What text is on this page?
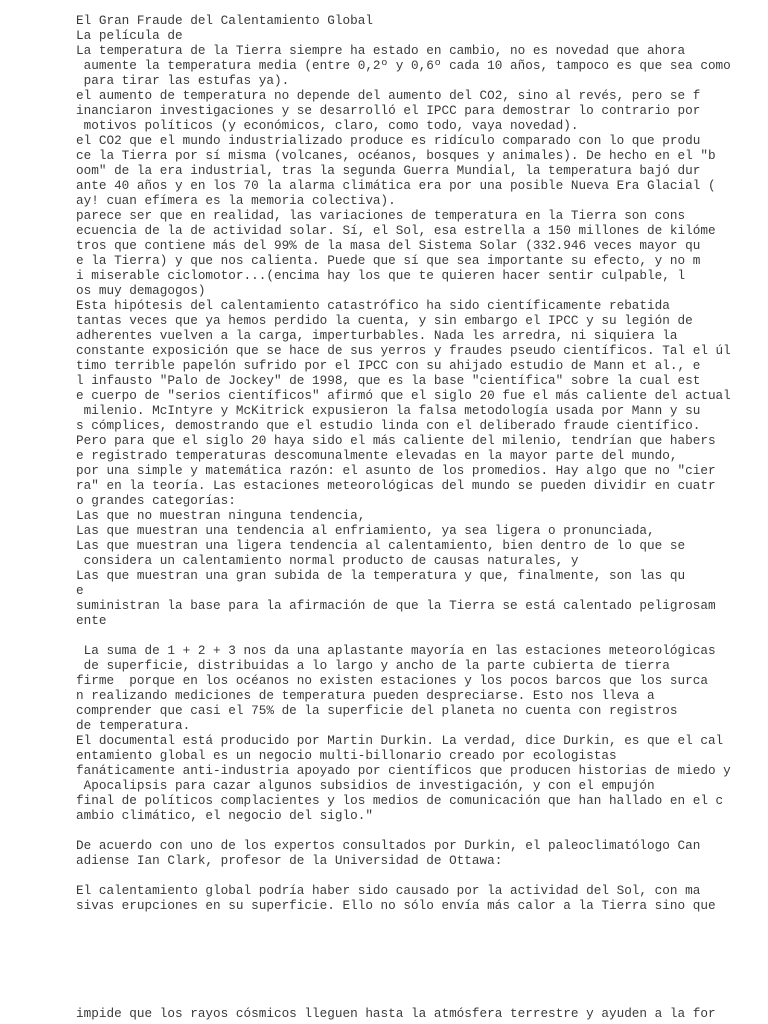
El Gran Fraude del Calentamiento Global
La película de
La temperatura de la Tierra siempre ha estado en cambio, no es novedad que ahora
aumente la temperatura media (entre 0,2º y 0,6º cada 10 años, tampoco es que sea como
para tirar las estufas ya).
el aumento de temperatura no depende del aumento del CO2, sino al revés, pero se f
inanciaron investigaciones y se desarrolló el IPCC para demostrar lo contrario por
motivos políticos (y económicos, claro, como todo, vaya novedad).
el CO2 que el mundo industrializado produce es ridículo comparado con lo que produ
ce la Tierra por sí misma (volcanes, océanos, bosques y animales). De hecho en el "b
oom" de la era industrial, tras la segunda Guerra Mundial, la temperatura bajó dur
ante 40 años y en los 70 la alarma climática era por una posible Nueva Era Glacial (
ay! cuan efímera es la memoria colectiva).
parece ser que en realidad, las variaciones de temperatura en la Tierra son cons
ecuencia de la de actividad solar. Sí, el Sol, esa estrella a 150 millones de kilóme
tros que contiene más del 99% de la masa del Sistema Solar (332.946 veces mayor qu
e la Tierra) y que nos calienta. Puede que sí que sea importante su efecto, y no m
i miserable ciclomotor...(encima hay los que te quieren hacer sentir culpable, l
os muy demagogos)
Esta hipótesis del calentamiento catastrófico ha sido científicamente rebatida
tantas veces que ya hemos perdido la cuenta, y sin embargo el IPCC y su legión de
adherentes vuelven a la carga, imperturbables. Nada les arredra, ni siquiera la
constante exposición que se hace de sus yerros y fraudes pseudo científicos. Tal el úl
timo terrible papelón sufrido por el IPCC con su ahijado estudio de Mann et al., e
l infausto "Palo de Jockey" de 1998, que es la base "científica" sobre la cual est
e cuerpo de "serios científicos" afirmó que el siglo 20 fue el más caliente del actual
milenio. McIntyre y McKitrick expusieron la falsa metodología usada por Mann y su
s cómplices, demostrando que el estudio linda con el deliberado fraude científico.
Pero para que el siglo 20 haya sido el más caliente del milenio, tendrían que habers
e registrado temperaturas descomunalmente elevadas en la mayor parte del mundo,
por una simple y matemática razón: el asunto de los promedios. Hay algo que no "cier
ra" en la teoría. Las estaciones meteorológicas del mundo se pueden dividir en cuatr
o grandes categorías:
Las que no muestran ninguna tendencia,
Las que muestran una tendencia al enfriamiento, ya sea ligera o pronunciada,
Las que muestran una ligera tendencia al calentamiento, bien dentro de lo que se
considera un calentamiento normal producto de causas naturales, y
Las que muestran una gran subida de la temperatura y que, finalmente, son las qu
e
suministran la base para la afirmación de que la Tierra se está calentado peligrosam
ente
La suma de 1 + 2 + 3 nos da una aplastante mayoría en las estaciones meteorológicas
de superficie, distribuidas a lo largo y ancho de la parte cubierta de tierra
firme  porque en los océanos no existen estaciones y los pocos barcos que los surca
n realizando mediciones de temperatura pueden despreciarse. Esto nos lleva a
comprender que casi el 75% de la superficie del planeta no cuenta con registros
de temperatura.
El documental está producido por Martin Durkin. La verdad, dice Durkin, es que el cal
entamiento global es un negocio multi-billonario creado por ecologistas
fanáticamente anti-industria apoyado por científicos que producen historias de miedo y
Apocalipsis para cazar algunos subsidios de investigación, y con el empujón
final de políticos complacientes y los medios de comunicación que han hallado en el c
ambio climático, el negocio del siglo."
De acuerdo con uno de los expertos consultados por Durkin, el paleoclimatólogo Can
adiense Ian Clark, profesor de la Universidad de Ottawa:
El calentamiento global podría haber sido causado por la actividad del Sol, con ma
sivas erupciones en su superficie. Ello no sólo envía más calor a la Tierra sino que
impide que los rayos cósmicos lleguen hasta la atmósfera terrestre y ayuden a la for
